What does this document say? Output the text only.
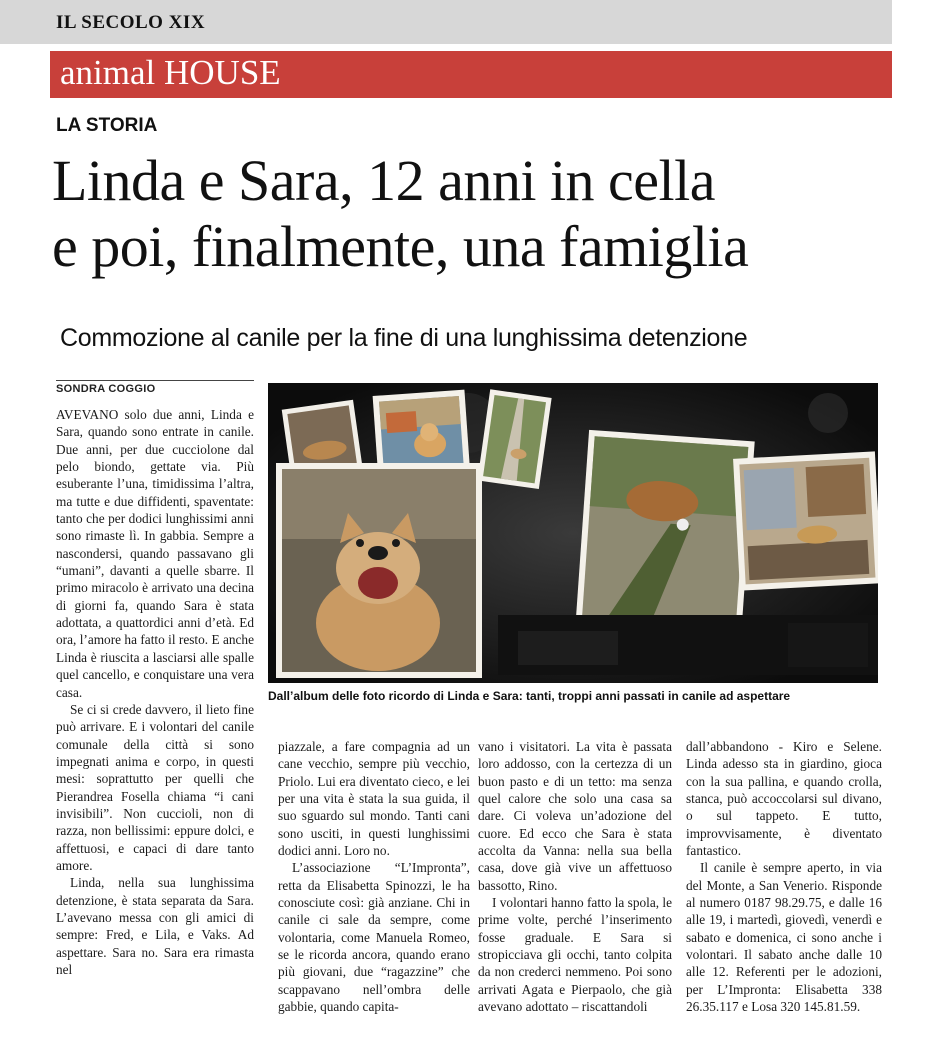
IL SECOLO XIX
animal HOUSE
LA STORIA
Linda e Sara, 12 anni in cella
e poi, finalmente, una famiglia
Commozione al canile per la fine di una lunghissima detenzione
SONDRA COGGIO
Dall’album delle foto ricordo di Linda e Sara: tanti, troppi anni passati in canile ad aspettare

AVEVANO solo due anni, Linda e Sara, quando sono entrate in canile. Due anni, per due cucciolone dal pelo biondo, gettate via. Più esuberante l’una, timidissima l’altra, ma tutte e due diffidenti, spaventate: tanto che per dodici lunghissimi anni sono rimaste lì. In gabbia. Sempre a nascondersi, quando passavano gli “umani”, davanti a quelle sbarre. Il primo miracolo è arrivato una decina di giorni fa, quando Sara è stata adottata, a quattordici anni d’età. Ed ora, l’amore ha fatto il resto. E anche Linda è riuscita a lasciarsi alle spalle quel cancello, e conquistare una vera casa.

Se ci si crede davvero, il lieto fine può arrivare. E i volontari del canile comunale della città si sono impegnati anima e corpo, in questi mesi: soprattutto per quelli che Pierandrea Fosella chiama “i cani invisibili”. Non cuccioli, non di razza, non bellissimi: eppure dolci, e affettuosi, e capaci di dare tanto amore.

Linda, nella sua lunghissima detenzione, è stata separata da Sara. L’avevano messa con gli amici di sempre: Fred, e Lila, e Vaks. Ad aspettare. Sara no. Sara era rimasta nel

piazzale, a fare compagnia ad un cane vecchio, sempre più vecchio, Priolo. Lui era diventato cieco, e lei per una vita è stata la sua guida, il suo sguardo sul mondo. Tanti cani sono usciti, in questi lunghissimi dodici anni. Loro no.

L’associazione “L’Impronta”, retta da Elisabetta Spinozzi, le ha conosciute così: già anziane. Chi in canile ci sale da sempre, come volontaria, come Manuela Romeo, se le ricorda ancora, quando erano più giovani, due “ragazzine” che scappavano nell’ombra delle gabbie, quando capita-

vano i visitatori. La vita è passata loro addosso, con la certezza di un buon pasto e di un tetto: ma senza quel calore che solo una casa sa dare. Ci voleva un’adozione del cuore. Ed ecco che Sara è stata accolta da Vanna: nella sua bella casa, dove già vive un affettuoso bassotto, Rino.

I volontari hanno fatto la spola, le prime volte, perché l’inserimento fosse graduale. E Sara si stropicciava gli occhi, tanto colpita da non crederci nemmeno. Poi sono arrivati Agata e Pierpaolo, che già avevano adottato – riscattandoli

dall’abbandono - Kiro e Selene. Linda adesso sta in giardino, gioca con la sua pallina, e quando crolla, stanca, può accoccolarsi sul divano, o sul tappeto. E tutto, improvvisamente, è diventato fantastico.

Il canile è sempre aperto, in via del Monte, a San Venerio. Risponde al numero 0187 98.29.75, e dalle 16 alle 19, i martedì, giovedì, venerdì e sabato e domenica, ci sono anche i volontari. Il sabato anche dalle 10 alle 12. Referenti per le adozioni, per L’Impronta: Elisabetta 338 26.35.117 e Losa 320 145.81.59.
